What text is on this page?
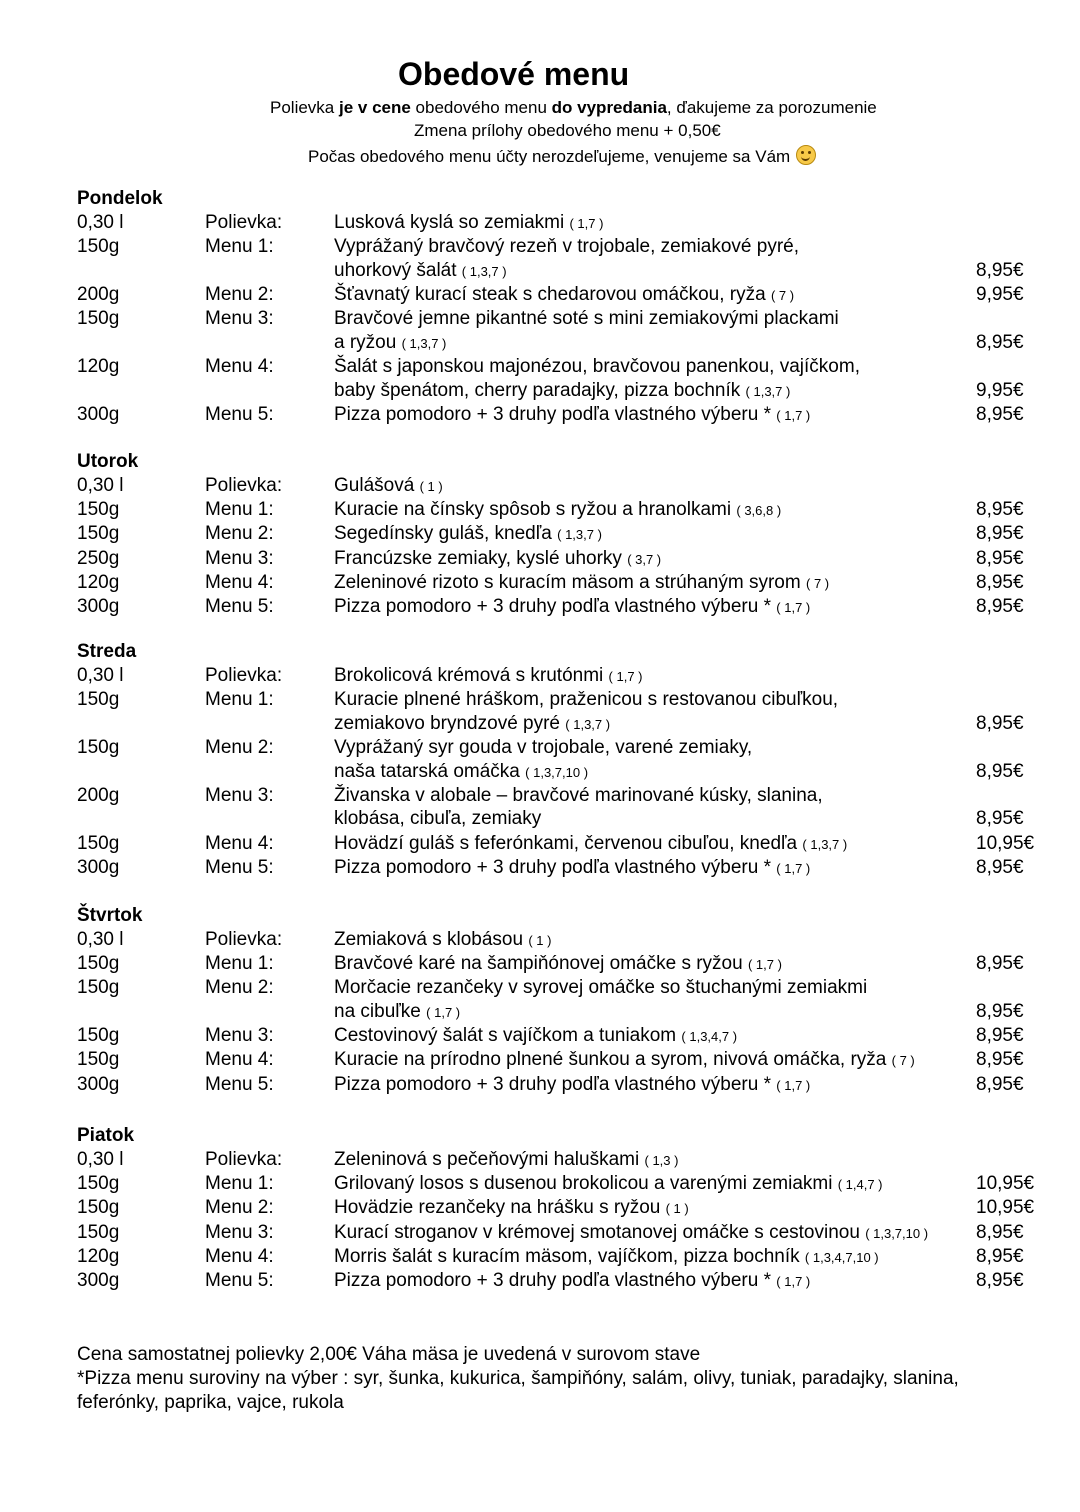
Obedové menu
Polievka je v cene obedového menu do vypredania, ďakujeme za porozumenie
Zmena prílohy obedového menu + 0,50€
Počas obedového menu účty nerozdeľujeme, venujeme sa Vám
Pondelok
0,30 l	Polievka:	Lusková kyslá so zemiakmi ( 1,7 )
150g	Menu 1:	Vyprážaný bravčový rezeň v trojobale, zemiakové pyré,
uhorkový šalát ( 1,3,7 )	8,95€
200g	Menu 2:	Šťavnatý kurací steak s chedarovou omáčkou, ryža ( 7 )	9,95€
150g	Menu 3:	Bravčové jemne pikantné soté s mini zemiakovými plackami
a ryžou ( 1,3,7 )	8,95€
120g	Menu 4:	Šalát s japonskou majonézou, bravčovou panenkou, vajíčkom,
baby špenátom, cherry paradajky, pizza bochník ( 1,3,7 )	9,95€
300g	Menu 5:	Pizza pomodoro + 3 druhy podľa vlastného výberu * ( 1,7 )	8,95€
Utorok
0,30 l	Polievka:	Gulášová ( 1 )
150g	Menu 1:	Kuracie na čínsky spôsob s ryžou a hranolkami ( 3,6,8 )	8,95€
150g	Menu 2:	Segedínsky guláš, knedľa ( 1,3,7 )	8,95€
250g	Menu 3:	Francúzske zemiaky, kyslé uhorky ( 3,7 )	8,95€
120g	Menu 4:	Zeleninové rizoto s kuracím mäsom a strúhaným syrom ( 7 )	8,95€
300g	Menu 5:	Pizza pomodoro + 3 druhy podľa vlastného výberu * ( 1,7 )	8,95€
Streda
0,30 l	Polievka:	Brokolicová krémová s krutónmi ( 1,7 )
150g	Menu 1:	Kuracie plnené hráškom, praženicou s restovanou cibuľkou,
zemiakovo bryndzové pyré ( 1,3,7 )	8,95€
150g	Menu 2:	Vyprážaný syr gouda v trojobale, varené zemiaky,
naša tatarská omáčka ( 1,3,7,10 )	8,95€
200g	Menu 3:	Živanska v alobale – bravčové marinované kúsky, slanina,
klobása, cibuľa, zemiaky	8,95€
150g	Menu 4:	Hovädzí guláš s feferónkami, červenou cibuľou, knedľa ( 1,3,7 )	10,95€
300g	Menu 5:	Pizza pomodoro + 3 druhy podľa vlastného výberu * ( 1,7 )	8,95€
Štvrtok
0,30 l	Polievka:	Zemiaková s klobásou ( 1 )
150g	Menu 1:	Bravčové karé na šampiňónovej omáčke s ryžou ( 1,7 )	8,95€
150g	Menu 2:	Morčacie rezančeky v syrovej omáčke so štuchanými zemiakmi
na cibuľke ( 1,7 )	8,95€
150g	Menu 3:	Cestovinový šalát s vajíčkom a tuniakom ( 1,3,4,7 )	8,95€
150g	Menu 4:	Kuracie na prírodno plnené šunkou a syrom, nivová omáčka, ryža ( 7 )	8,95€
300g	Menu 5:	Pizza pomodoro + 3 druhy podľa vlastného výberu * ( 1,7 )	8,95€
Piatok
0,30 l	Polievka:	Zeleninová s pečeňovými haluškami ( 1,3 )
150g	Menu 1:	Grilovaný losos s dusenou brokolicou a varenými zemiakmi ( 1,4,7 )	10,95€
150g	Menu 2:	Hovädzie rezančeky na hrášku s ryžou ( 1 )	10,95€
150g	Menu 3:	Kurací stroganov v krémovej smotanovej omáčke s cestovinou ( 1,3,7,10 )	8,95€
120g	Menu 4:	Morris šalát s kuracím mäsom, vajíčkom, pizza bochník ( 1,3,4,7,10 )	8,95€
300g	Menu 5:	Pizza pomodoro + 3 druhy podľa vlastného výberu * ( 1,7 )	8,95€
Cena samostatnej polievky 2,00€ Váha mäsa je uvedená v surovom stave
*Pizza menu suroviny na výber : syr, šunka, kukurica, šampiňóny, salám, olivy, tuniak, paradajky, slanina,
feferónky, paprika, vajce, rukola
